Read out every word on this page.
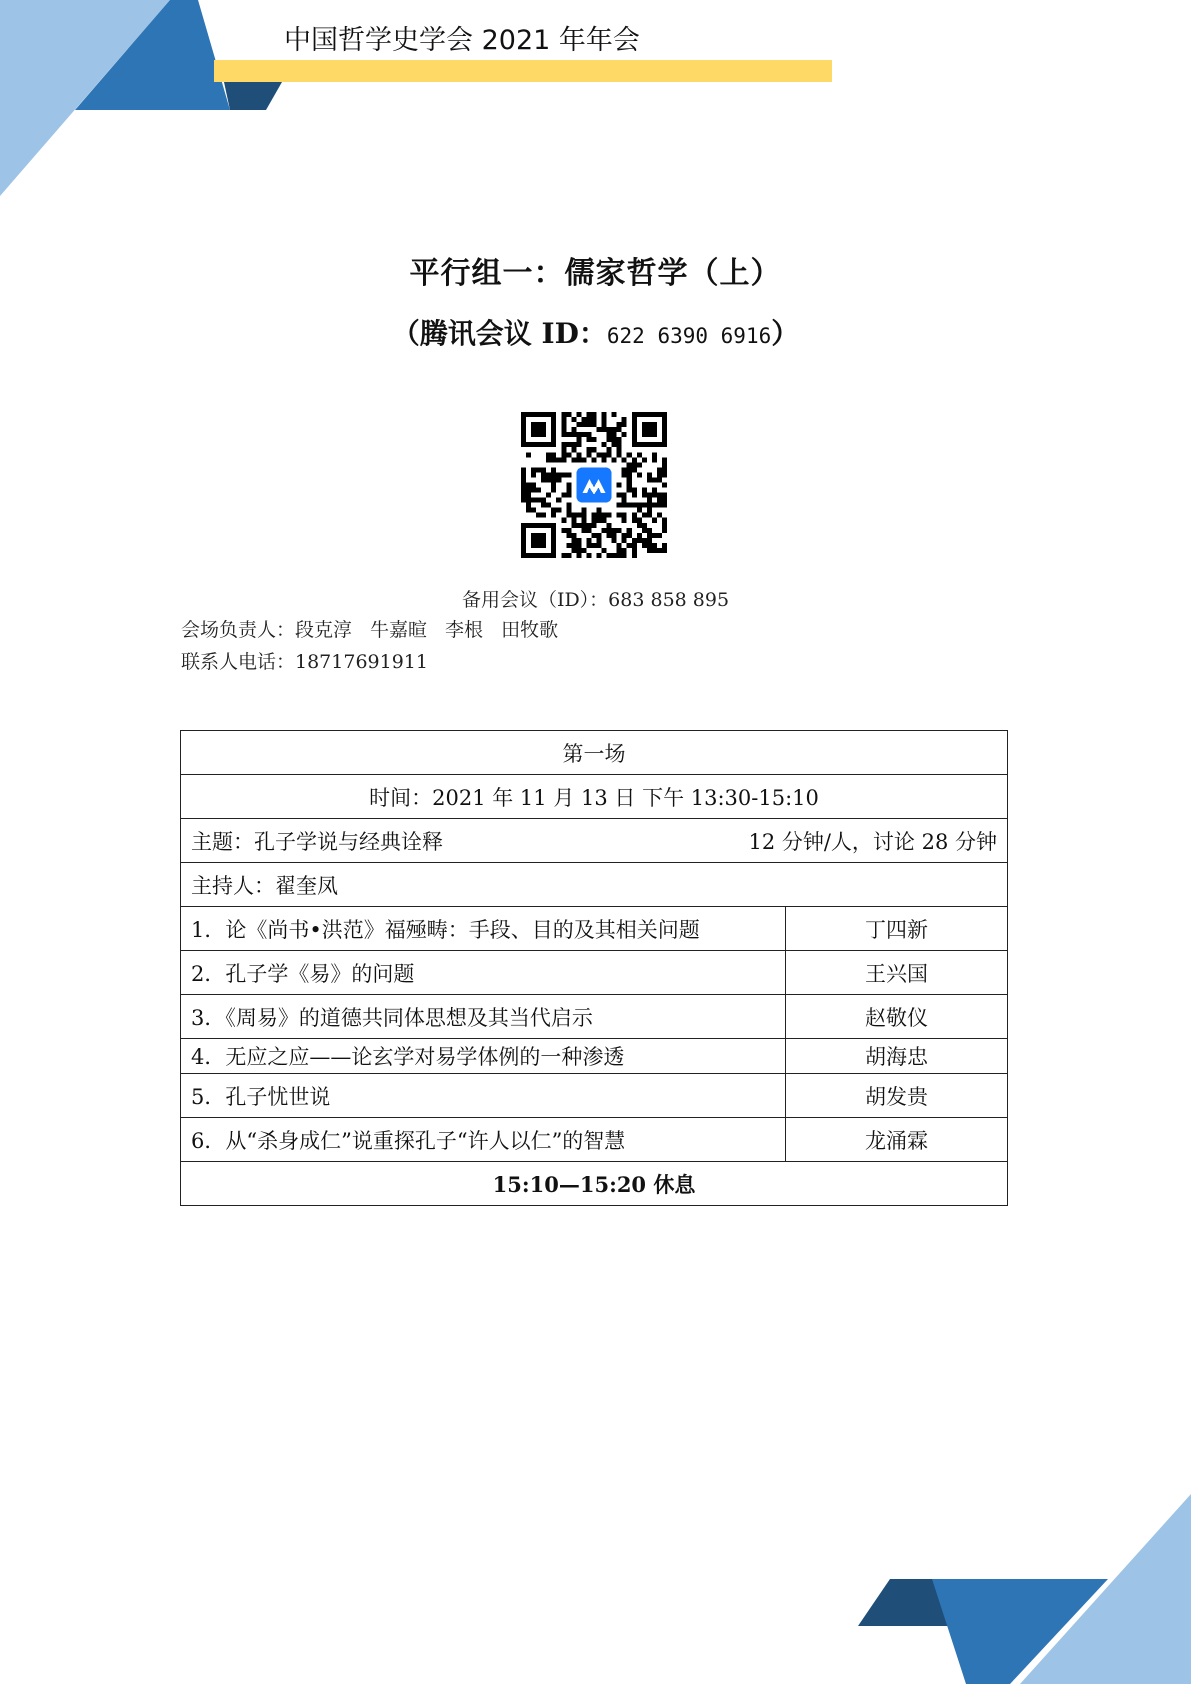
中国哲学史学会 2021 年年会
平行组一：儒家哲学（上）
（腾讯会议 ID：622 6390 6916）
备用会议（ID）：683 858 895
会场负责人：段克淳 牛嘉暄 李根 田牧歌
联系人电话：18717691911
第一场	
时间：2021 年 11 月 13 日 下午 13:30-15:10	

主题：孔子学说与经典诠释 12 分钟/人，讨论 28 分钟	

主持人：翟奎凤	
1．论《尚书•洪范》福殛畴：手段、目的及其相关问题	丁四新
2．孔子学《易》的问题	王兴国
3．《周易》的道德共同体思想及其当代启示	赵敬仪
4．无应之应——论玄学对易学体例的一种渗透	胡海忠
5．孔子忧世说	胡发贵
6．从“杀身成仁”说重探孔子“许人以仁”的智慧	龙涌霖
15:10—15:20 休息	
